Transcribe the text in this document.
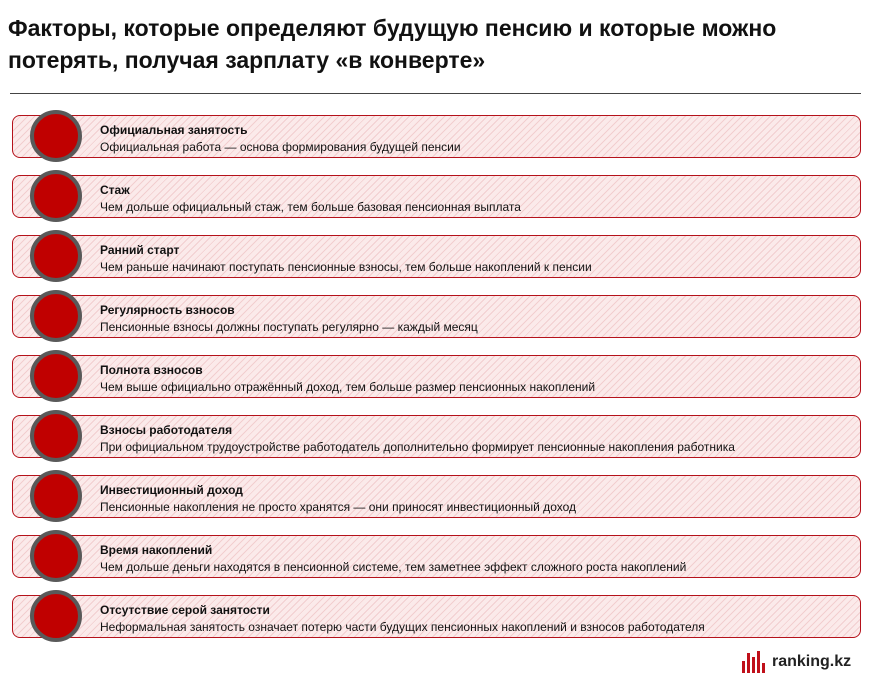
Факторы, которые определяют будущую пенсию и которые можно потерять, получая зарплату «в конверте»
Официальная занятость
Официальная работа — основа формирования будущей пенсии
Стаж
Чем дольше официальный стаж, тем больше базовая пенсионная выплата
Ранний старт
Чем раньше начинают поступать пенсионные взносы, тем больше накоплений к пенсии
Регулярность взносов
Пенсионные взносы должны поступать регулярно — каждый месяц
Полнота взносов
Чем выше официально отражённый доход, тем больше размер пенсионных накоплений
Взносы работодателя
При официальном трудоустройстве работодатель дополнительно формирует пенсионные накопления работника
Инвестиционный доход
Пенсионные накопления не просто хранятся — они приносят инвестиционный доход
Время накоплений
Чем дольше деньги находятся в пенсионной системе, тем заметнее эффект сложного роста накоплений
Отсутствие серой занятости
Неформальная занятость означает потерю части будущих пенсионных накоплений и взносов работодателя
ranking.kz
